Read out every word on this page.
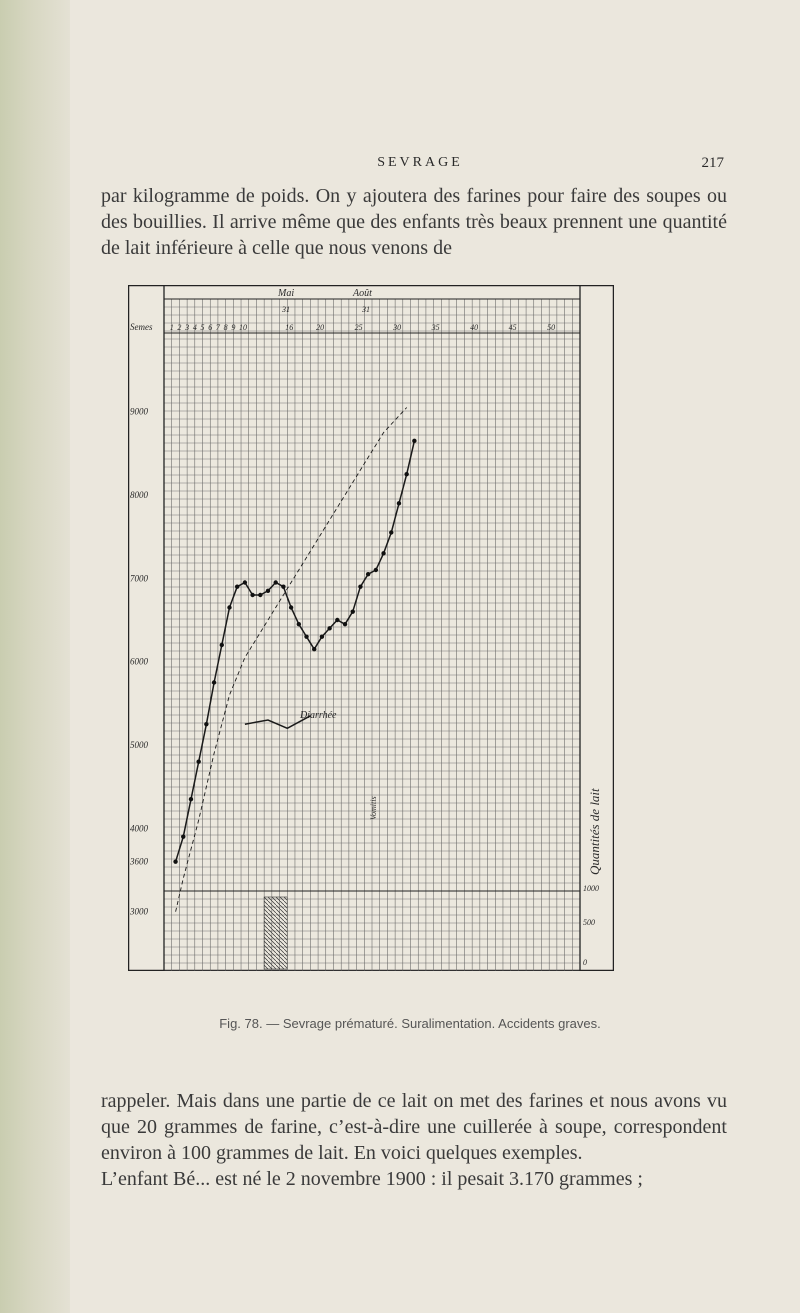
SEVRAGE	217
par kilogramme de poids. On y ajoutera des farines pour faire des soupes ou des bouillies. Il arrive même que des enfants très beaux prennent une quantité de lait inférieure à celle que nous venons de
Mai	Août
31	31
Semes 1 2 3 4 5 6 7 8 9 10	16	20	25	30	35	40	45	50
9000
8000
7000
6000
5000
4000
3600
3000
1000
500
0
Quantités de lait
Diarrhée
Vomitis
Fig. 78. — Sevrage prématuré. Suralimentation. Accidents graves.
rappeler. Mais dans une partie de ce lait on met des farines et nous avons vu que 20 grammes de farine, c’est-à-dire une cuillerée à soupe, correspondent environ à 100 grammes de lait. En voici quelques exemples.
L’enfant Bé... est né le 2 novembre 1900 : il pesait 3.170 grammes ;
